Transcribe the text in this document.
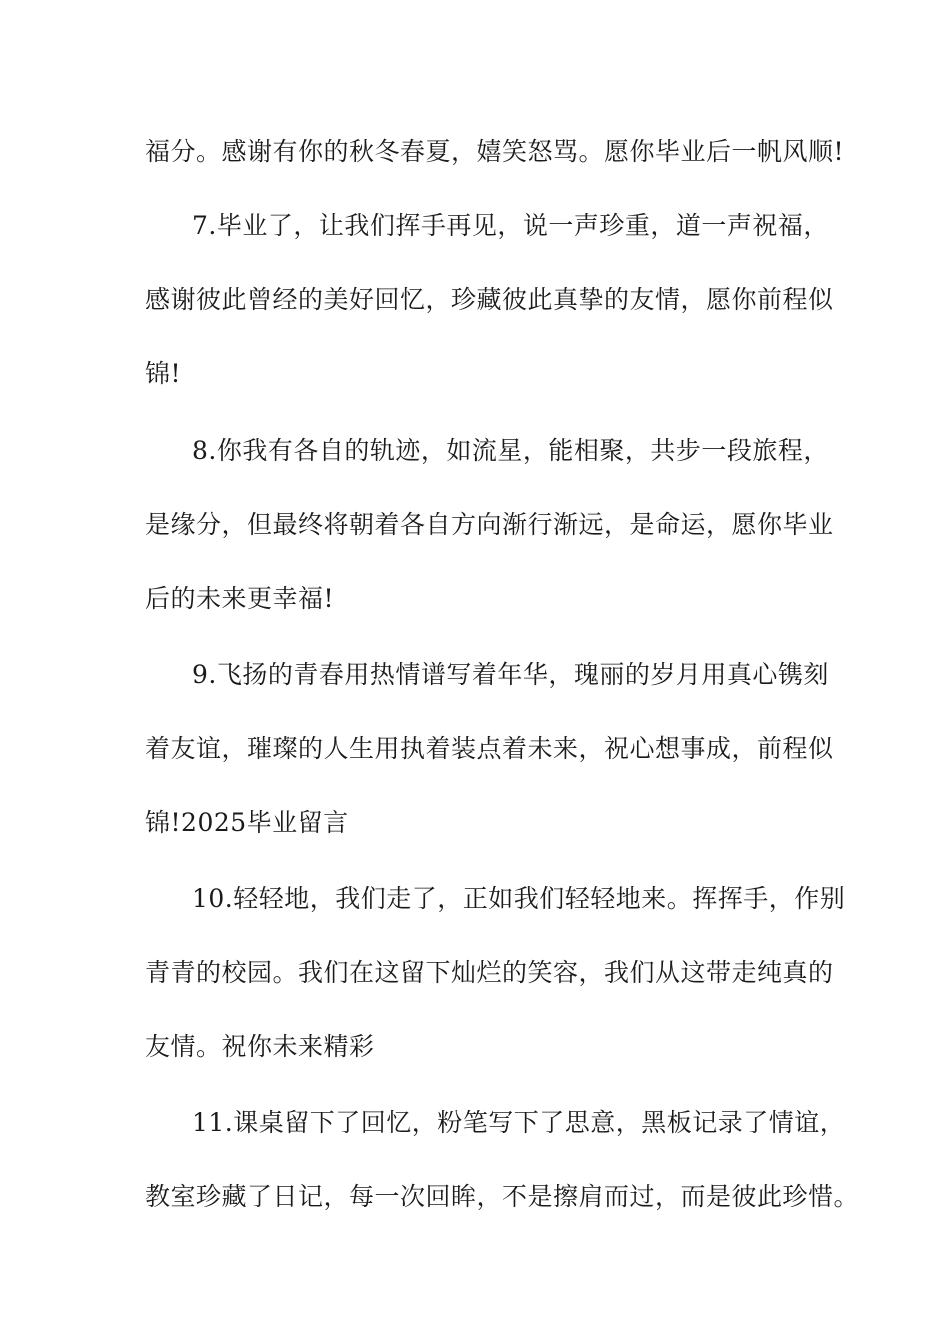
福分。感谢有你的秋冬春夏，嬉笑怒骂。愿你毕业后一帆风顺!
7.毕业了，让我们挥手再见，说一声珍重，道一声祝福，
感谢彼此曾经的美好回忆，珍藏彼此真挚的友情，愿你前程似
锦!
8.你我有各自的轨迹，如流星，能相聚，共步一段旅程，
是缘分，但最终将朝着各自方向渐行渐远，是命运，愿你毕业
后的未来更幸福!
9.飞扬的青春用热情谱写着年华，瑰丽的岁月用真心镌刻
着友谊，璀璨的人生用执着装点着未来，祝心想事成，前程似
锦!2025毕业留言
10.轻轻地，我们走了，正如我们轻轻地来。挥挥手，作别
青青的校园。我们在这留下灿烂的笑容，我们从这带走纯真的
友情。祝你未来精彩
11.课桌留下了回忆，粉笔写下了思意，黑板记录了情谊，
教室珍藏了日记，每一次回眸，不是擦肩而过，而是彼此珍惜。
